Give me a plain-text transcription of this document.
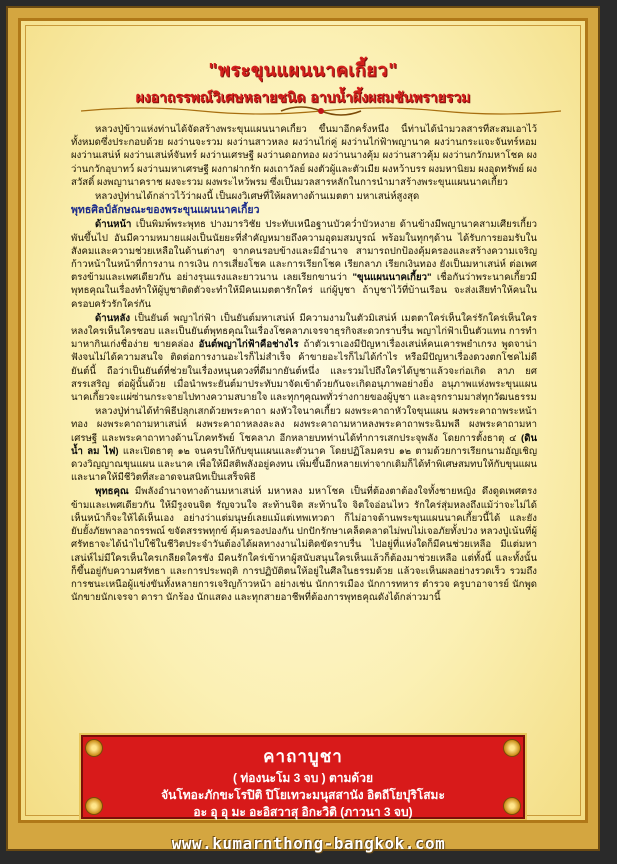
"พระขุนแผนนาคเกี้ยว"
ผงอาถรรพณ์วิเศษหลายชนิด อาบน้ำผึ้งผสมชันพรายรวม

หลวงปู่ข้าวแห่งท่านได้จัดสร้างพระขุนแผนนาคเกี้ยว ขึ้นมาอีกครั้งหนึ่ง นี้ท่านได้นำมวลสารที่สะสมเอาไว้ทั้งหมดซึ่งประกอบด้วย ผงว่านจะรวม ผงว่านสาวหลง ผงว่านไก่คู่ ผงว่านไก่ฟ้าพญานาค ผงว่านกระแจะจันทร์หอม ผงว่านเสน่ห์ ผงว่านเสน่ห์จันทร์ ผงว่านเศรษฐี ผงว่านดอกทอง ผงว่านนางคุ้ม ผงว่านสาวคุ้ม ผงว่านกวักมหาโชค ผงว่านกวักอุบาทว์ ผงว่านมหาเศรษฐี ผงกาฝากรัก ผงเถาวัลย์ ผงตัวผู้และตัวเมีย ผงหว้าบรร ผงมหานิยม ผงอุดทรัพย์ ผงสวัสดิ์ ผงพญานาคราช ผงจะรวม ผงพระไหว้พรม ซึ่งเป็นมวลสารหลักในการนำมาสร้างพระขุนแผนนาคเกี้ยว

หลวงปู่ท่านได้กล่าวไว้ว่าผงนี้ เป็นผงวิเศษที่ให้ผลทางด้านเมตตา มหาเสน่ห์สูงสุด

พุทธศิลป์ลักษณะของพระขุนแผนนาคเกี้ยว

ด้านหน้า เป็นพิมพ์พระพุทธ ปางมารวิชัย ประทับเหนือฐานบัวคว่ำบัวหงาย ด้านข้างมีพญานาคสามเศียรเกี้ยวพันขึ้นไป อันมีความหมายแฝงเป็นนัยยะที่สำคัญหมายถึงความอุดมสมบูรณ์ พร้อมในทุกๆด้าน ได้รับการยอมรับในสังคมและความช่วยเหลือในด้านต่างๆ จากคนรอบข้างและมีอำนาจ สามารถปกป้องคุ้มครองและสร้างความเจริญก้าวหน้าในหน้าที่การงาน การเงิน การเสี่ยงโชค และการเรียกโชค เรียกลาภ เรียกเงินทอง ยังเป็นมหาเสน่ห์ ต่อเพศตรงข้ามและเพศเดียวกัน อย่างรุนแรงและยาวนาน เลยเรียกขานว่า "ขุนแผนนาคเกี้ยว" เชื่อกันว่าพระนาคเกี้ยวมีพุทธคุณในเรื่องทำให้ผู้บูชาติดตัวจะทำให้มีคนเมตตารักใคร่ แก่ผู้บูชา ถ้าบูชาไว้ที่บ้านเรือน จะส่งเสียทำให้คนในครอบครัวรักใคร่กัน

ด้านหลัง เป็นยันต์ พญาไก่ฟ้า เป็นยันต์มหาเสน่ห์ มีความงามในตัวมิเสน่ห์ เมตตาใคร่เห็นใคร่รักใคร่เห็นใครหลงใครเห็นใครชอบ และเป็นยันต์พุทธคุณในเรื่องโชคลาภเจรจาธุรกิจสะดวกราบรื่น พญาไก่ฟ้าเป็นตัวแทน การทำมาหากินเก่งชื่อง่าย ขายคล่อง อันต์พญาไก่ฟ้าคือช่างไร ถ้าตัวเราเองมีปัญหาเรื่องเสน่ห์คนเคารพยำเกรง พูดจาน่าฟังจนไม่ได้ความสนใจ ติดต่อการงานอะไรก็ไม่สำเร็จ ค้าขายอะไรก็ไม่ได้กำไร หรือมีปัญหาเรื่องดวงตกโชคไม่ดี ยันต์นี้ ถือว่าเป็นยันต์ที่ช่วยในเรื่องหนุนดวงที่ดีมากยันต์หนึ่ง และรวมไปถึงใครได้บูชาแล้วจะก่อเกิด ลาภ ยศ สรรเสริญ ต่อผู้นั้นด้วย เมื่อนำพระยันต์มาประทับมาจัดเข้าด้วยกันจะเกิดอนุภาพอย่างยิ่ง อนุภาพแห่งพระขุนแผนนาคเกี้ยวจะแผ่ซ่านกระจายไปทางความสบายใจ และทุกๆคุณพทั่วร่างกายของผู้บูชา และอุรกรามมาส่ทุกวัฒนธรรม

หลวงปู่ท่านได้ทำพิธีปลุกเสกด้วยพระคาถา ผงหัวใจนาคเกี้ยว ผงพระคาถาหัวใจขุนแผน ผงพระคาถาพระหน้าทอง ผงพระคาถามหาเสน่ห์ ผงพระคาถาหลงละลง ผงพระคาถามหาหลงพระคาถาพระฉิมพลี ผงพระคาถามหาเศรษฐี และพระคาถาทางด้านโภคทรัพย์ โชคลาภ อีกหลายบทท่านได้ทำการเสกประจุพลัง โดยการตั้งธาตุ ๔ (ดิน น้ำ ลม ไฟ) และเปิดธาตุ ๑๒ จนครบให้กับขุนแผนและตัวนาค โดยปฏิโลมครบ ๑๒ ตามด้วยการเรียกนามอัญเชิญดวงวิญญาณขุนแผน และนาค เพื่อให้มีสติพลังอยู่คงทน เพิ่มขึ้นอีกหลายเท่าจากเดิมก็ได้ทำพิเศษสมทบให้กับขุนแผนและนาคให้มีชีวิตที่สะอาดจนสนิทเป็นเสร็จพิธี

พุทธคุณ มีพลังอำนาจทางด้านมหาเสน่ห์ มหาหลง มหาโชค เป็นที่ต้องตาต้องใจทั้งชายหญิง ดึงดูดเพศตรงข้ามและเพศเดียวกัน ให้มีรูงจนจิต รัญจวนใจ สะท้านจิต สะท้านใจ จิตใจอ่อนไหว รักใคร่สุ่มหลงถึงแม้ว่าจะไม่ได้เห็นหน้าก็จะให้ได้เห็นเอง อย่างว่าแต่มนุษย์เลยแม้แต่เทพเทวดา ก็ไม่อาจต้านพระขุนแผนนาคเกี้ยวนี้ได้ และยังยับยั้งภัยพาลอาถรรพณ์ ขจัดสรรพทุกข์ คุ้มครองปองกัน ปกปักรักษาเคล็ดคลาดไม่พบไม่เจอภัยทั้งปวง หลวงปู่เน้นที่ผู้ศรัทธาจะได้นำไปใช้ในชีวิตประจำวันต้องได้ผลทางงานไม่ติดขัดราบรื่น ไปอยู่ที่แห่งใดก็มีคนช่วยเหลือ มีแต่มหาเสน่ห์ไม่มีใครเห็นใครเกลียดใครชัง มีคนรักใคร่เข้าหาผู้สนับสนุนใครเห็นแล้วก็ต้องมาช่วยเหลือ แต่ทั้งนี้ และทั้งนั้นก็ขึ้นอยู่กับความศรัทธา และการประพฤติ การปฏิบัติตนให้อยู่ในศีลในธรรมด้วย แล้วจะเห็นผลอย่างรวดเร็ว รวมถึงการชนะเหนือผู้แข่งขันทั้งหลายการเจริญก้าวหน้า อย่างเช่น นักการเมือง นักการทหาร ตำรวจ ครูบาอาจารย์ นักพูด นักขายนักเจรจา ดารา นักร้อง นักแสดง และทุกสายอาชีพที่ต้องการพุทธคุณดังได้กล่าวมานี้

คาถาบูชา
( ท่องนะโม 3 จบ ) ตามด้วย
จันโทอะภักขะโรปิติ ปิโยเทวะมนุสสานัง อิตถีโยปุริโสมะ
อะ อุ อุ มะ อะอิสวาสุ อิกะวิติ (ภาวนา 3 จบ)
www.kumarnthong-bangkok.com
